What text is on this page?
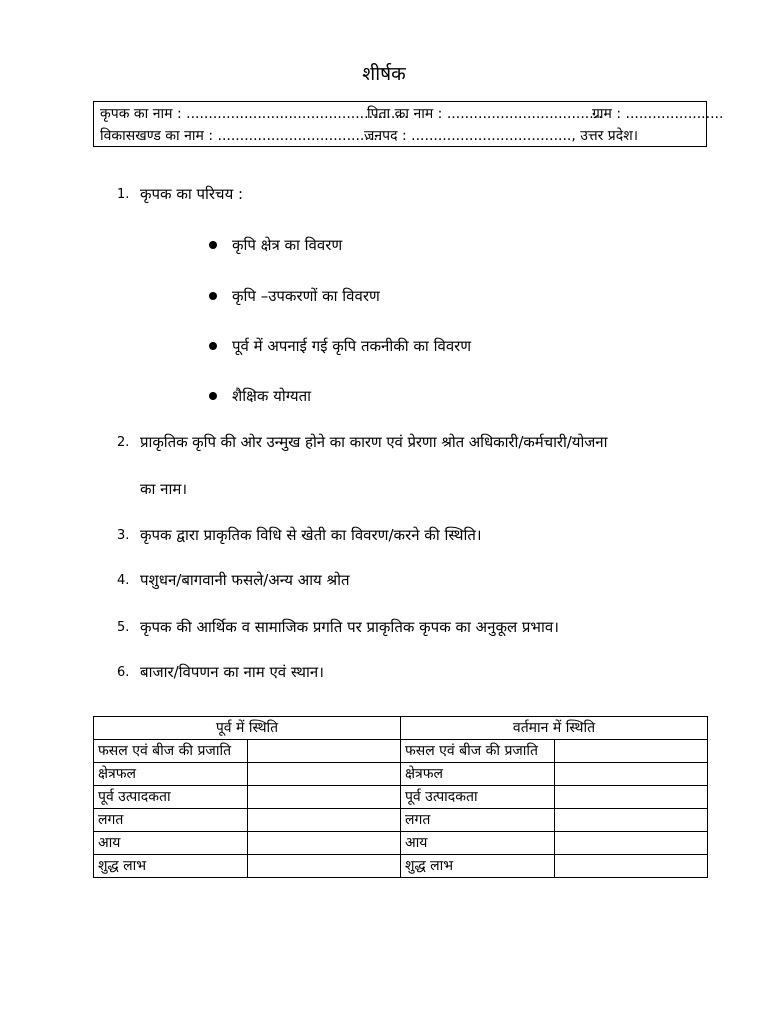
शीर्षक
कृपक का नाम : ..................................................
पिता का नाम : ...................................
ग्राम : ......................
विकासखण्ड का नाम : .....................................
जनपद : ...................................., उत्तर प्रदेश।
1. कृपक का परिचय :
कृपि क्षेत्र का विवरण
कृपि –उपकरणों का विवरण
पूर्व में अपनाई गई कृपि तकनीकी का विवरण
शैक्षिक योग्यता
2. प्राकृतिक कृपि की ओर उन्मुख होने का कारण एवं प्रेरणा श्रोत अधिकारी/कर्मचारी/योजना
का नाम।
3. कृपक द्वारा प्राकृतिक विधि से खेती का विवरण/करने की स्थिति।
4. पशुधन/बागवानी फसले/अन्य आय श्रोत
5. कृपक की आर्थिक व सामाजिक प्रगति पर प्राकृतिक कृपक का अनुकूल प्रभाव।
6. बाजार/विपणन का नाम एवं स्थान।
पूर्व में स्थिति		वर्तमान में स्थिति	
फसल एवं बीज की प्रजाति		फसल एवं बीज की प्रजाति	
क्षेत्रफल		क्षेत्रफल	
पूर्व उत्पादकता		पूर्व उत्पादकता	
लगत		लगत	
आय		आय	
शुद्ध लाभ		शुद्ध लाभ	
